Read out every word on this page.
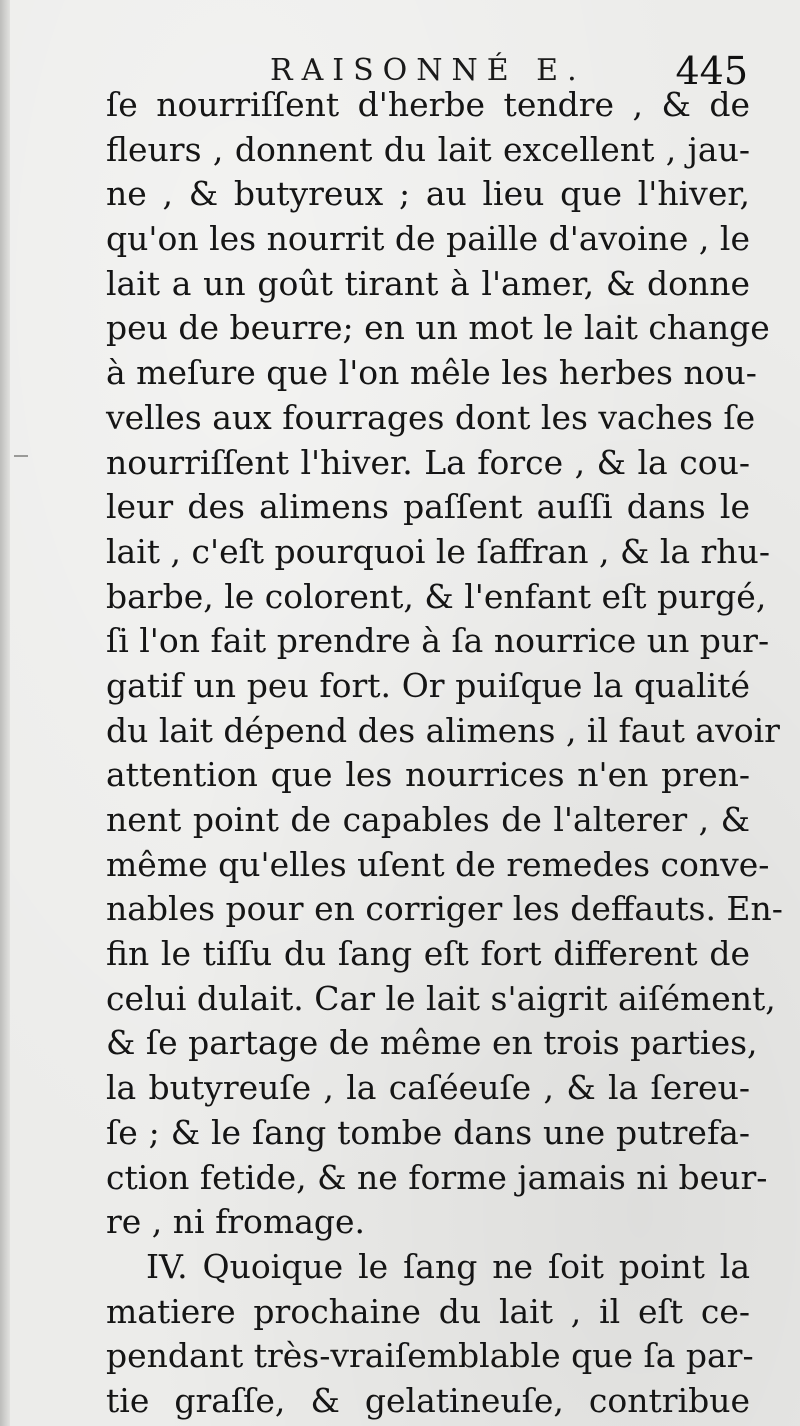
RAISONNÉ E. 445
ſe nourriſſent d'herbe tendre , & de
fleurs , donnent du lait excellent , jau-
ne , & butyreux ; au lieu que l'hiver,
qu'on les nourrit de paille d'avoine , le
lait a un goût tirant à l'amer, & donne
peu de beurre; en un mot le lait change
à meſure que l'on mêle les herbes nou-
velles aux fourrages dont les vaches ſe
nourriſſent l'hiver. La force , & la cou-
leur des alimens paſſent auſſi dans le
lait , c'eſt pourquoi le ſaffran , & la rhu-
barbe, le colorent, & l'enfant eſt purgé,
ſi l'on fait prendre à ſa nourrice un pur-
gatif un peu fort. Or puiſque la qualité
du lait dépend des alimens , il faut avoir
attention que les nourrices n'en pren-
nent point de capables de l'alterer , &
même qu'elles uſent de remedes conve-
nables pour en corriger les deffauts. En-
fin le tiſſu du ſang eſt fort different de
celui dulait. Car le lait s'aigrit aiſément,
& ſe partage de même en trois parties,
la butyreuſe , la caſéeuſe , & la ſereu-
ſe ; & le ſang tombe dans une putrefa-
ction fetide, & ne forme jamais ni beur-
re , ni fromage.
IV. Quoique le ſang ne ſoit point la
matiere prochaine du lait , il eſt ce-
pendant très-vraiſemblable que ſa par-
tie graſſe, & gelatineuſe, contribue
